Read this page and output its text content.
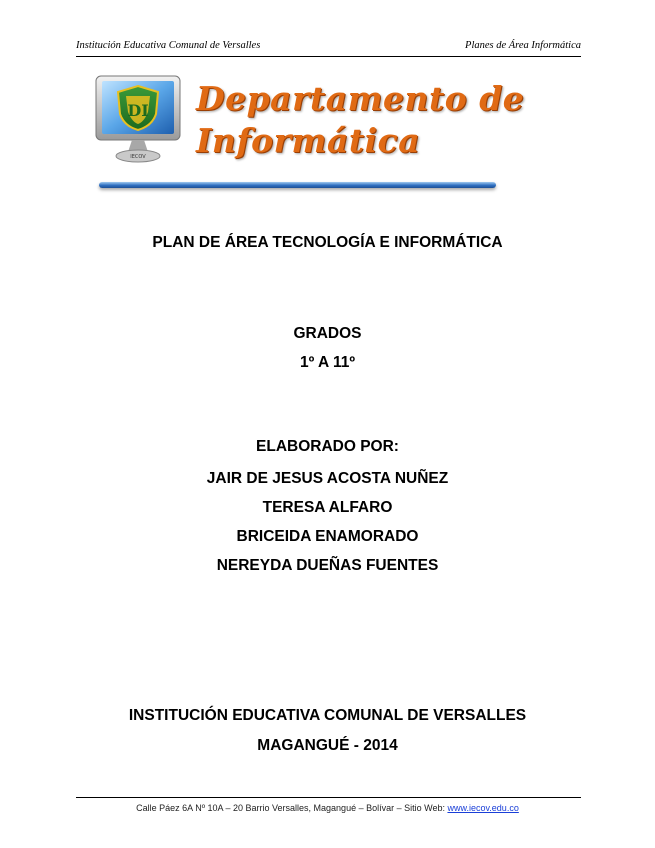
Institución Educativa Comunal de Versalles	Planes de Área Informática
DI
IECOV
Departamento de
Informática
PLAN DE ÁREA TECNOLOGÍA E INFORMÁTICA
GRADOS
1º A 11º
ELABORADO POR:
JAIR DE JESUS ACOSTA NUÑEZ
TERESA ALFARO
BRICEIDA ENAMORADO
NEREYDA DUEÑAS FUENTES
INSTITUCIÓN EDUCATIVA COMUNAL DE VERSALLES
MAGANGUÉ - 2014
Calle Páez 6A Nº 10A – 20 Barrio Versalles, Magangué – Bolívar – Sitio Web: www.iecov.edu.co
